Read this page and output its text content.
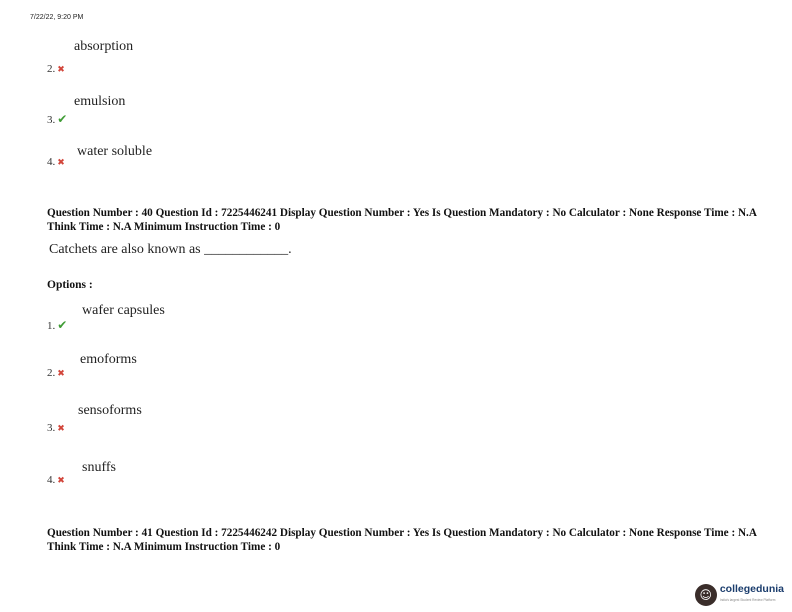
7/22/22, 9:20 PM
absorption
2. ✖
emulsion
3. ✔
water soluble
4. ✖
Question Number : 40 Question Id : 7225446241 Display Question Number : Yes Is Question Mandatory : No Calculator : None Response Time : N.A Think Time : N.A Minimum Instruction Time : 0
Catchets are also known as ____________.
Options :
wafer capsules
1. ✔
emoforms
2. ✖
sensoforms
3. ✖
snuffs
4. ✖
Question Number : 41 Question Id : 7225446242 Display Question Number : Yes Is Question Mandatory : No Calculator : None Response Time : N.A Think Time : N.A Minimum Instruction Time : 0
☺ collegedunia
India's largest Student Review Platform
